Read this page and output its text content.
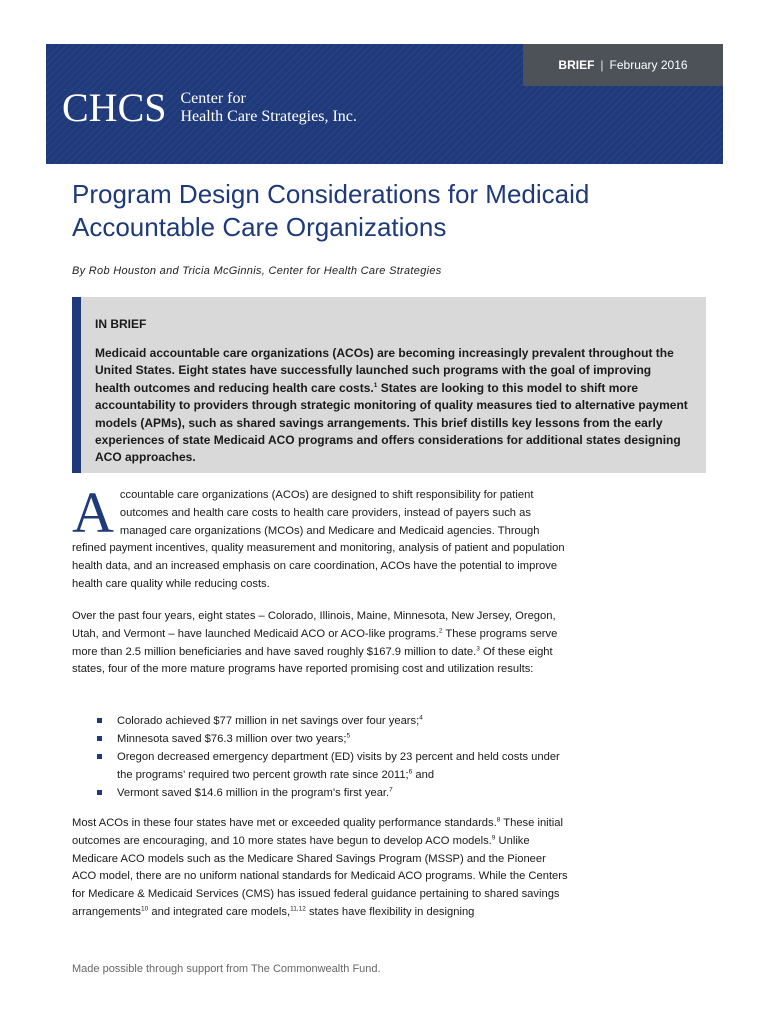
BRIEF | February 2016
CHCS Center for
Health Care Strategies, Inc.
Program Design Considerations for Medicaid
Accountable Care Organizations
By Rob Houston and Tricia McGinnis, Center for Health Care Strategies
IN BRIEF
Medicaid accountable care organizations (ACOs) are becoming increasingly prevalent throughout the United States. Eight states have successfully launched such programs with the goal of improving health outcomes and reducing health care costs.$^1$ States are looking to this model to shift more accountability to providers through strategic monitoring of quality measures tied to alternative payment models (APMs), such as shared savings arrangements. This brief distills key lessons from the early experiences of state Medicaid ACO programs and offers considerations for additional states designing ACO approaches.

Accountable care organizations (ACOs) are designed to shift responsibility for patient outcomes and health care costs to health care providers, instead of payers such as managed care organizations (MCOs) and Medicare and Medicaid agencies. Through refined payment incentives, quality measurement and monitoring, analysis of patient and population health data, and an increased emphasis on care coordination, ACOs have the potential to improve health care quality while reducing costs.

Over the past four years, eight states – Colorado, Illinois, Maine, Minnesota, New Jersey, Oregon, Utah, and Vermont – have launched Medicaid ACO or ACO-like programs.$^2$ These programs serve more than 2.5 million beneficiaries and have saved roughly $167.9 million to date.$^3$ Of these eight states, four of the more mature programs have reported promising cost and utilization results:

Colorado achieved $77 million in net savings over four years;$^4$
Minnesota saved $76.3 million over two years;$^5$
Oregon decreased emergency department (ED) visits by 23 percent and held costs under the programs’ required two percent growth rate since 2011;$^6$ and
Vermont saved $14.6 million in the program’s first year.$^7$

Most ACOs in these four states have met or exceeded quality performance standards.$^8$ These initial outcomes are encouraging, and 10 more states have begun to develop ACO models.$^9$ Unlike Medicare ACO models such as the Medicare Shared Savings Program (MSSP) and the Pioneer ACO model, there are no uniform national standards for Medicaid ACO programs. While the Centers for Medicare & Medicaid Services (CMS) has issued federal guidance pertaining to shared savings arrangements$^{10}$ and integrated care models,$^{11,12}$ states have flexibility in designing

Made possible through support from The Commonwealth Fund.
